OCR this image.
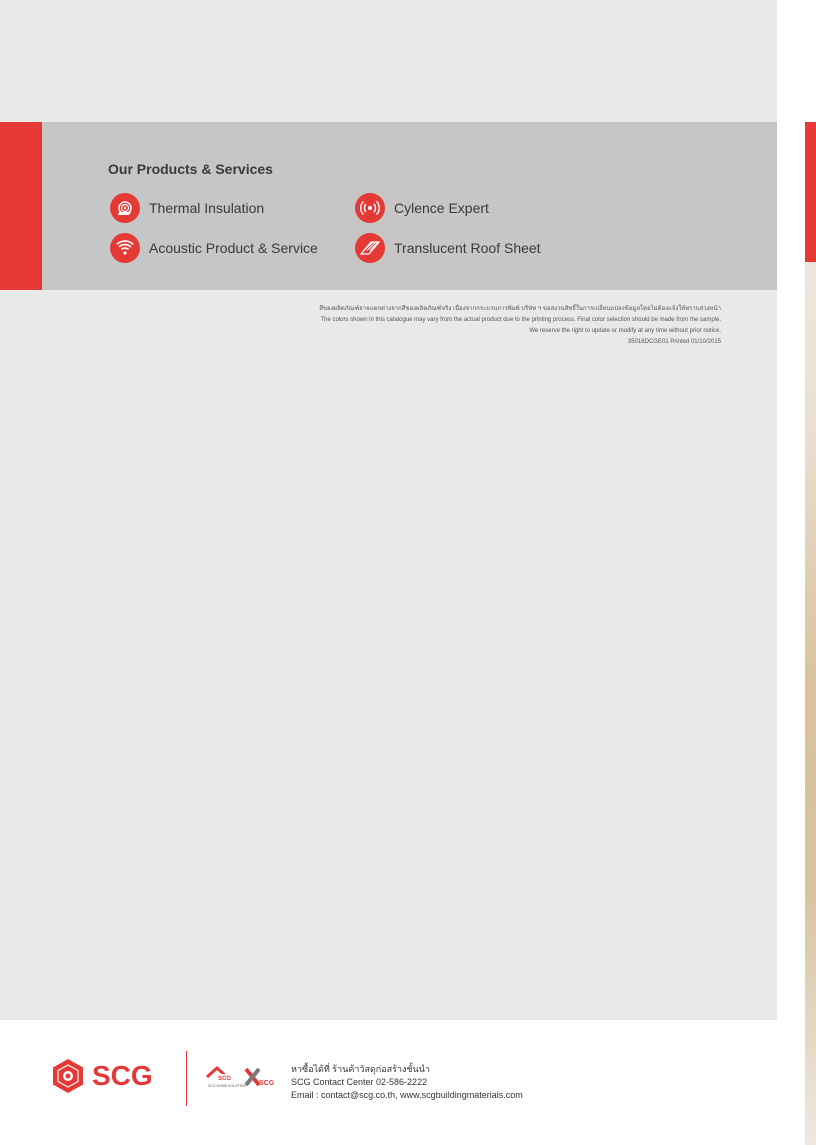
Our Products & Services
Thermal Insulation	Cylence Expert
Acoustic Product & Service	Translucent Roof Sheet
สีของผลิตภัณฑ์อาจแตกต่างจากสีของผลิตภัณฑ์จริง เนื่องจากกระบวนการพิมพ์ บริษัท ฯ ขอสงวนสิทธิ์ในการเปลี่ยนแปลงข้อมูลโดยไม่ต้องแจ้งให้ทราบล่วงหน้า
The colors shown in this catalogue may vary from the actual product due to the printing process. Final color selection should be made from the sample.
We reserve the right to update or modify at any time without prior notice.
35018DCGE01 Printed 01/10/2015
SCG	SCG
SCG HOME SOLUTION SCG
หาซื้อได้ที่ ร้านค้าวัสดุก่อสร้างชั้นนำ
SCG Contact Center 02-586-2222
Email : contact@scg.co.th, www.scgbuildingmaterials.com
